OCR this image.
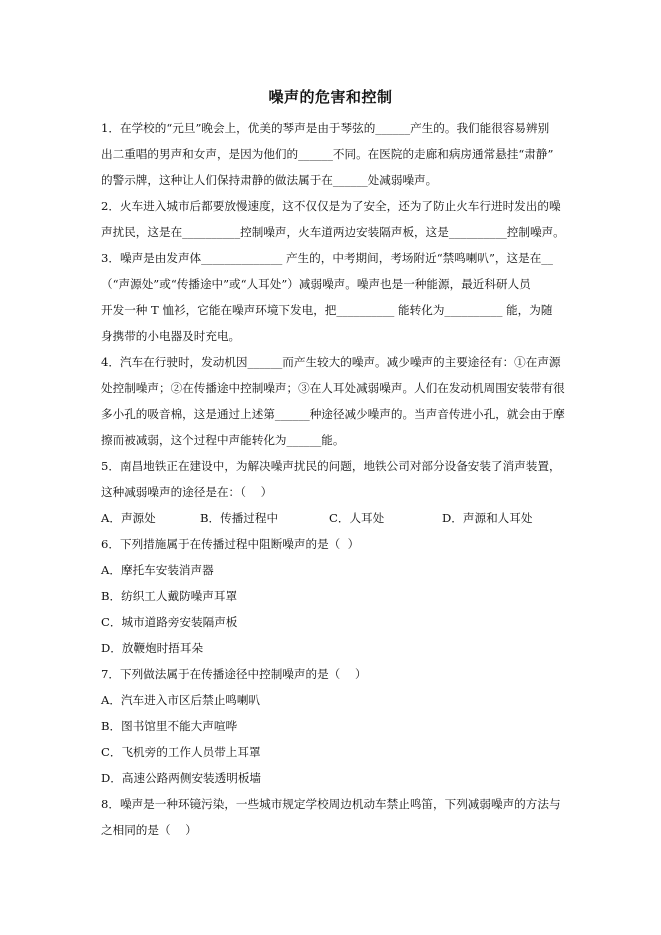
噪声的危害和控制
1．在学校的“元旦”晚会上，优美的琴声是由于琴弦的______产生的。我们能很容易辨别
出二重唱的男声和女声，是因为他们的______不同。在医院的走廊和病房通常悬挂“肃静”
的警示牌，这种让人们保持肃静的做法属于在______处减弱噪声。
2．火车进入城市后都要放慢速度，这不仅仅是为了安全，还为了防止火车行进时发出的噪
声扰民，这是在__________控制噪声，火车道两边安装隔声板，这是__________控制噪声。
3．噪声是由发声体______________ 产生的，中考期间，考场附近“禁鸣喇叭”，这是在__
（“声源处”或“传播途中”或“人耳处”）减弱噪声。噪声也是一种能源，最近科研人员
开发一种 T 恤衫，它能在噪声环境下发电，把__________ 能转化为__________ 能，为随
身携带的小电器及时充电。
4．汽车在行驶时，发动机因______而产生较大的噪声。减少噪声的主要途径有：①在声源
处控制噪声；②在传播途中控制噪声；③在人耳处减弱噪声。人们在发动机周围安装带有很
多小孔的吸音棉，这是通过上述第______种途径减少噪声的。当声音传进小孔，就会由于摩
擦而被减弱，这个过程中声能转化为______能。
5．南昌地铁正在建设中，为解决噪声扰民的问题，地铁公司对部分设备安装了消声装置，
这种减弱噪声的途径是在：（    ）
A．声源处	B．传播过程中	C．人耳处	D．声源和人耳处
6．下列措施属于在传播过程中阻断噪声的是（  ）
A．摩托车安装消声器
B．纺织工人戴防噪声耳罩
C．城市道路旁安装隔声板
D．放鞭炮时捂耳朵
7．下列做法属于在传播途径中控制噪声的是（    ）
A．汽车进入市区后禁止鸣喇叭
B．图书馆里不能大声喧哗
C．飞机旁的工作人员带上耳罩
D．高速公路两侧安装透明板墙
8．噪声是一种环镜污染，一些城市规定学校周边机动车禁止鸣笛，下列减弱噪声的方法与
之相同的是（    ）
